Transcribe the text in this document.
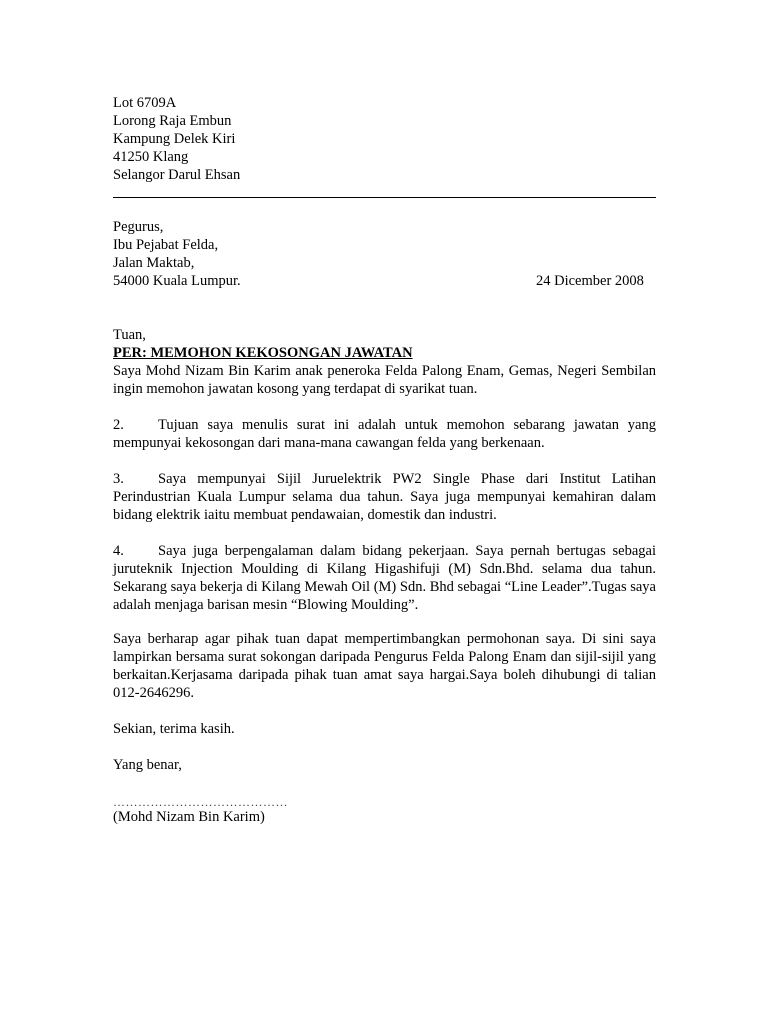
Lot 6709A
Lorong Raja Embun
Kampung Delek Kiri
41250 Klang
Selangor Darul Ehsan
Pegurus,
Ibu Pejabat Felda,
Jalan Maktab,
54000 Kuala Lumpur.	24 Dicember 2008
Tuan,
PER: MEMOHON KEKOSONGAN JAWATAN

Saya Mohd Nizam Bin Karim anak peneroka Felda Palong Enam, Gemas, Negeri Sembilan ingin memohon jawatan kosong yang terdapat di syarikat tuan.

2. Tujuan saya menulis surat ini adalah untuk memohon sebarang jawatan yang mempunyai kekosongan dari mana-mana cawangan felda yang berkenaan.

3. Saya mempunyai Sijil Juruelektrik PW2 Single Phase dari Institut Latihan Perindustrian Kuala Lumpur selama dua tahun. Saya juga mempunyai kemahiran dalam bidang elektrik iaitu membuat pendawaian, domestik dan industri.

4. Saya juga berpengalaman dalam bidang pekerjaan. Saya pernah bertugas sebagai juruteknik Injection Moulding di Kilang Higashifuji (M) Sdn.Bhd. selama dua tahun. Sekarang saya bekerja di Kilang Mewah Oil (M) Sdn. Bhd sebagai “Line Leader”.Tugas saya adalah menjaga barisan mesin “Blowing Moulding”.

Saya berharap agar pihak tuan dapat mempertimbangkan permohonan saya. Di sini saya lampirkan bersama surat sokongan daripada Pengurus Felda Palong Enam dan sijil-sijil yang berkaitan.Kerjasama daripada pihak tuan amat saya hargai.Saya boleh dihubungi di talian 012-2646296.

Sekian, terima kasih.
Yang benar,
……………………………………
(Mohd Nizam Bin Karim)
